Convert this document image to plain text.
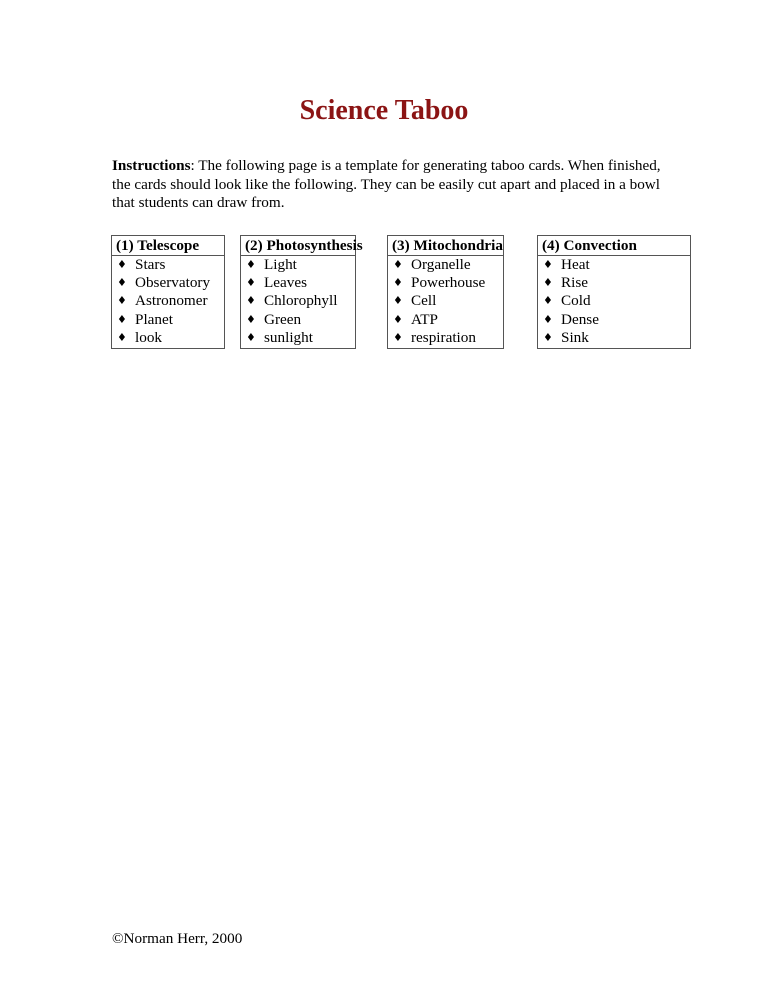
Science Taboo
Instructions: The following page is a template for generating taboo cards. When finished, the cards should look like the following. They can be easily cut apart and placed in a bowl that students can draw from.
(1) Telescope
♦ Stars
♦ Observatory
♦ Astronomer
♦ Planet
♦ look
(2) Photosynthesis
♦ Light
♦ Leaves
♦ Chlorophyll
♦ Green
♦ sunlight
(3) Mitochondria
♦ Organelle
♦ Powerhouse
♦ Cell
♦ ATP
♦ respiration
(4) Convection
♦ Heat
♦ Rise
♦ Cold
♦ Dense
♦ Sink
©Norman Herr, 2000
